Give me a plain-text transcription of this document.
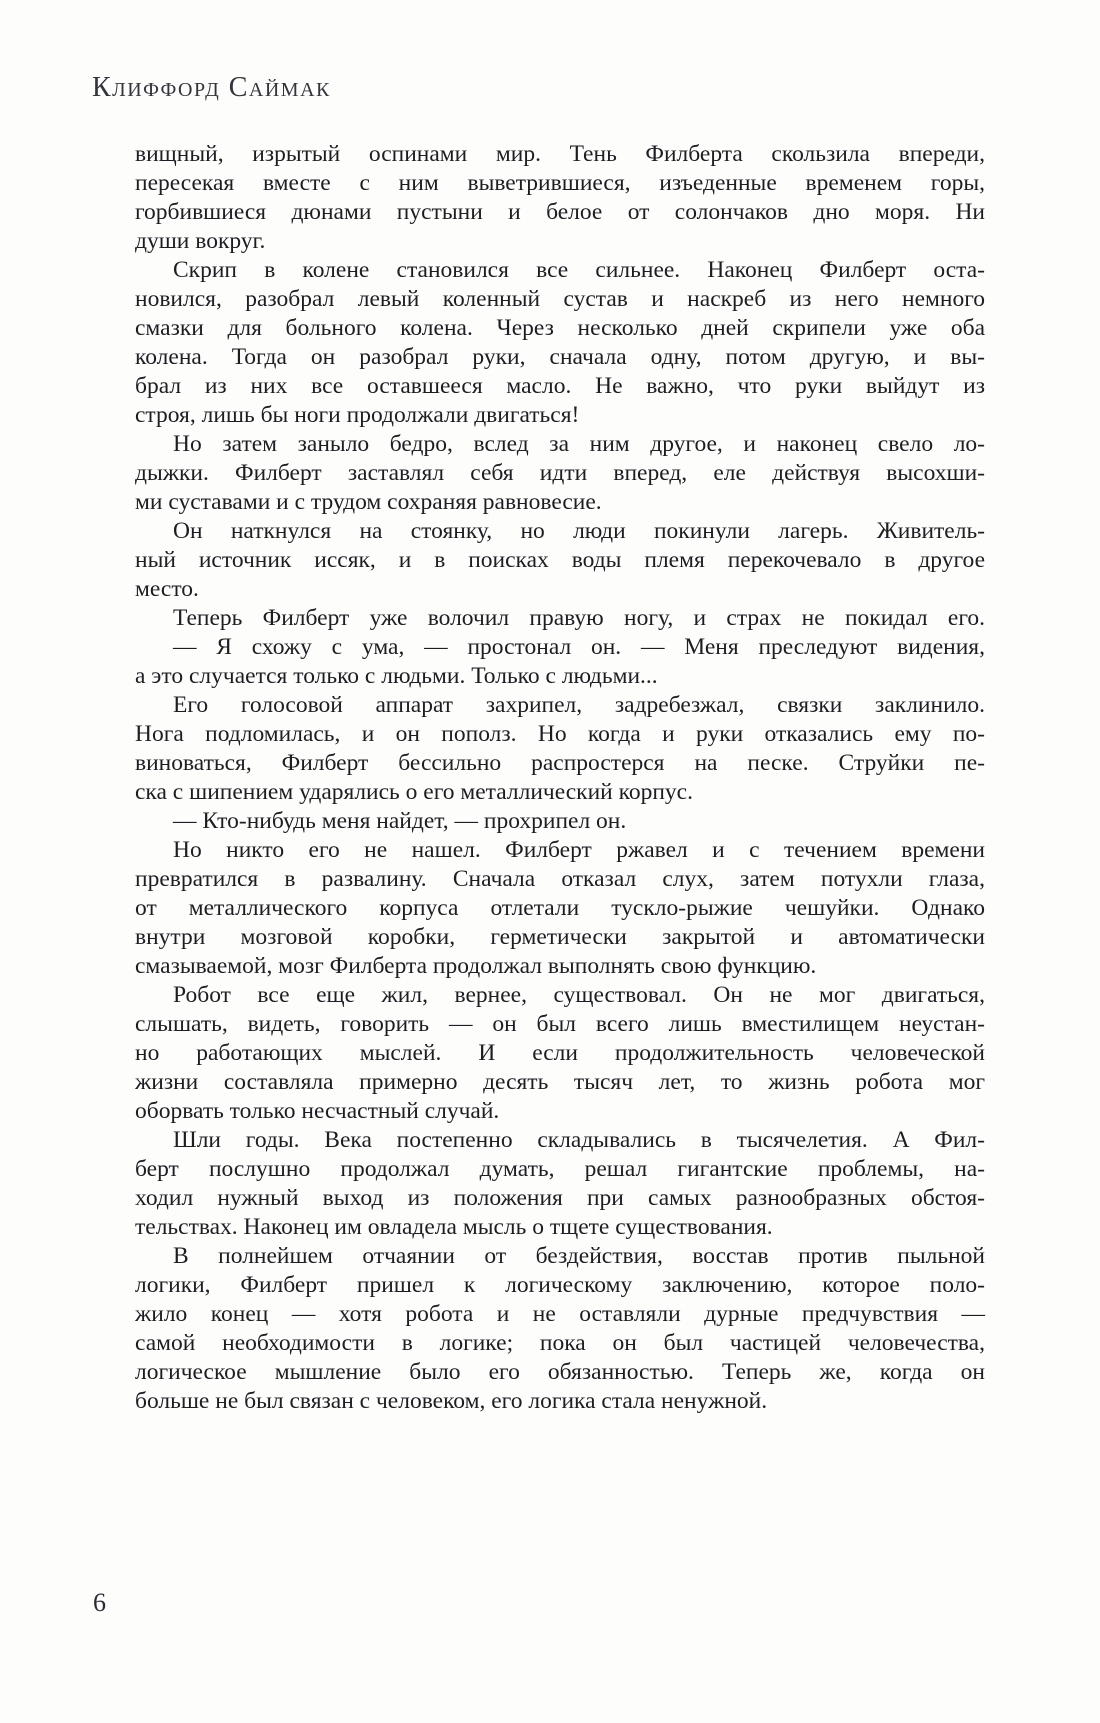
Клиффорд Саймак
вищный, изрытый оспинами мир. Тень Филберта скользила впереди,
пересекая вместе с ним выветрившиеся, изъеденные временем горы,
горбившиеся дюнами пустыни и белое от солончаков дно моря. Ни
души вокруг.
Скрип в колене становился все сильнее. Наконец Филберт оста-
новился, разобрал левый коленный сустав и наскреб из него немного
смазки для больного колена. Через несколько дней скрипели уже оба
колена. Тогда он разобрал руки, сначала одну, потом другую, и вы-
брал из них все оставшееся масло. Не важно, что руки выйдут из
строя, лишь бы ноги продолжали двигаться!
Но затем заныло бедро, вслед за ним другое, и наконец свело ло-
дыжки. Филберт заставлял себя идти вперед, еле действуя высохши-
ми суставами и с трудом сохраняя равновесие.
Он наткнулся на стоянку, но люди покинули лагерь. Живитель-
ный источник иссяк, и в поисках воды племя перекочевало в другое
место.
Теперь Филберт уже волочил правую ногу, и страх не покидал его.
— Я схожу с ума, — простонал он. — Меня преследуют видения,
а это случается только с людьми. Только с людьми...
Его голосовой аппарат захрипел, задребезжал, связки заклинило.
Нога подломилась, и он пополз. Но когда и руки отказались ему по-
виноваться, Филберт бессильно распростерся на песке. Струйки пе-
ска с шипением ударялись о его металлический корпус.
— Кто-нибудь меня найдет, — прохрипел он.
Но никто его не нашел. Филберт ржавел и с течением времени
превратился в развалину. Сначала отказал слух, затем потухли глаза,
от металлического корпуса отлетали тускло-рыжие чешуйки. Однако
внутри мозговой коробки, герметически закрытой и автоматически
смазываемой, мозг Филберта продолжал выполнять свою функцию.
Робот все еще жил, вернее, существовал. Он не мог двигаться,
слышать, видеть, говорить — он был всего лишь вместилищем неустан-
но работающих мыслей. И если продолжительность человеческой
жизни составляла примерно десять тысяч лет, то жизнь робота мог
оборвать только несчастный случай.
Шли годы. Века постепенно складывались в тысячелетия. А Фил-
берт послушно продолжал думать, решал гигантские проблемы, на-
ходил нужный выход из положения при самых разнообразных обстоя-
тельствах. Наконец им овладела мысль о тщете существования.
В полнейшем отчаянии от бездействия, восстав против пыльной
логики, Филберт пришел к логическому заключению, которое поло-
жило конец — хотя робота и не оставляли дурные предчувствия —
самой необходимости в логике; пока он был частицей человечества,
логическое мышление было его обязанностью. Теперь же, когда он
больше не был связан с человеком, его логика стала ненужной.
6
